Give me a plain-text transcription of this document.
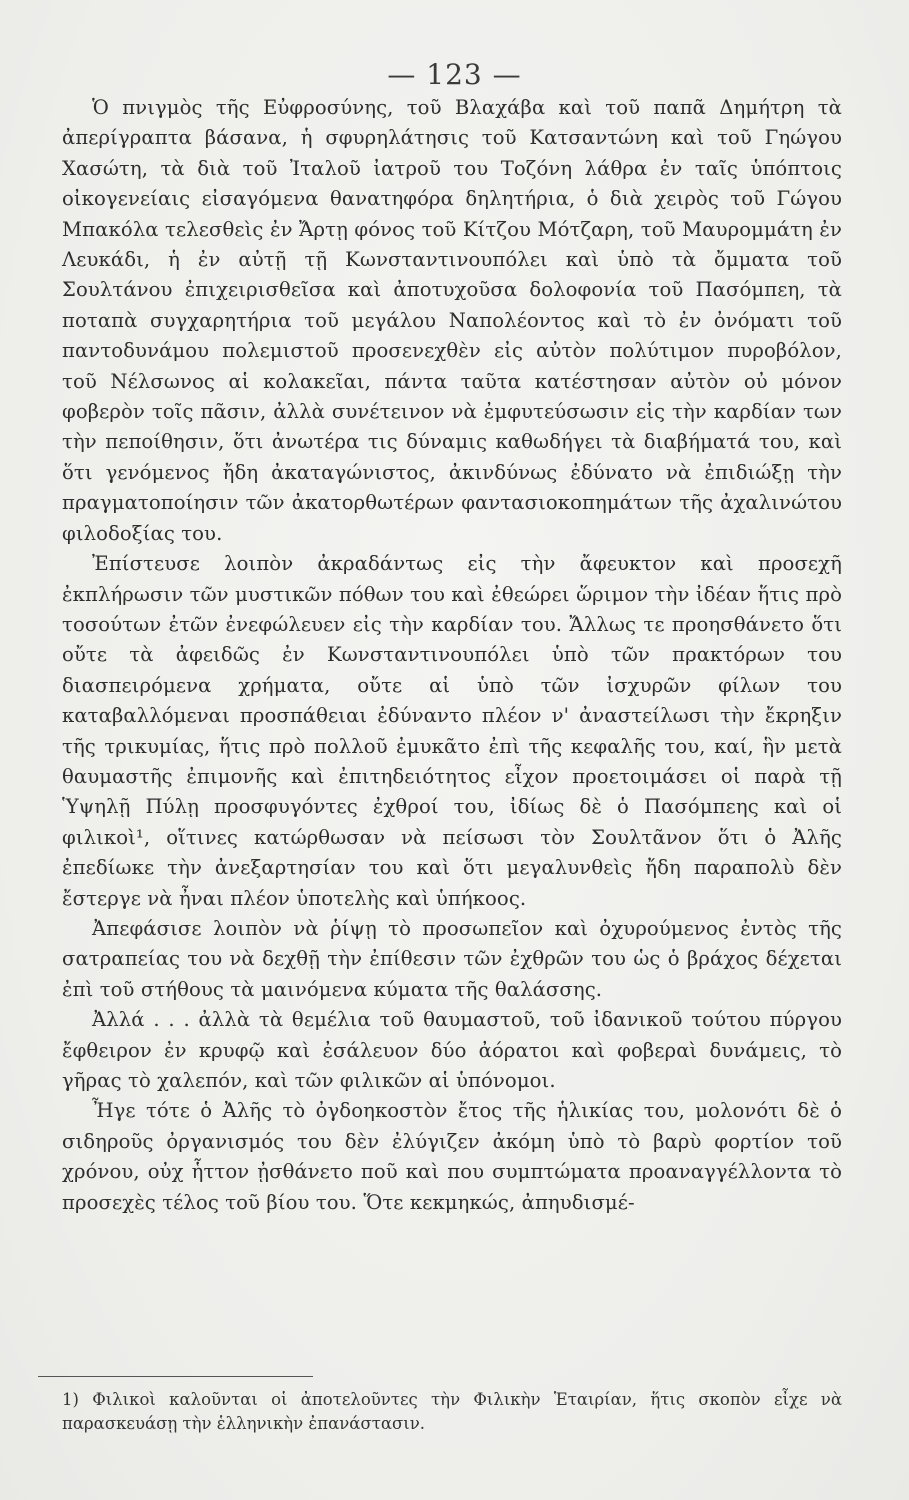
— 123 —

Ὁ πνιγμὸς τῆς Εὐφροσύνης, τοῦ Βλαχάβα καὶ τοῦ παπᾶ Δημήτρη τὰ ἀπερίγραπτα βάσανα, ἡ σφυρηλάτησις τοῦ Κατσαντώνη καὶ τοῦ Γηώγου Χασώτη, τὰ διὰ τοῦ Ἰταλοῦ ἰατροῦ του Τοζόνη λάθρα ἐν ταῖς ὑπόπτοις οἰκογενείαις εἰσαγόμενα θανατηφόρα δηλητήρια, ὁ διὰ χειρὸς τοῦ Γώγου Μπακόλα τελεσθεὶς ἐν Ἄρτῃ φόνος τοῦ Κίτζου Μότζαρη, τοῦ Μαυρομμάτη ἐν Λευκάδι, ἡ ἐν αὐτῇ τῇ Κωνσταντινουπόλει καὶ ὑπὸ τὰ ὄμματα τοῦ Σουλτάνου ἐπιχειρισθεῖσα καὶ ἀποτυχοῦσα δολοφονία τοῦ Πασόμπεη, τὰ ποταπὰ συγχαρητήρια τοῦ μεγάλου Ναπολέοντος καὶ τὸ ἐν ὀνόματι τοῦ παντοδυνάμου πολεμιστοῦ προσενεχθὲν εἰς αὐτὸν πολύτιμον πυροβόλον, τοῦ Νέλσωνος αἱ κολακεῖαι, πάντα ταῦτα κατέστησαν αὐτὸν οὐ μόνον φοβερὸν τοῖς πᾶσιν, ἀλλὰ συνέτεινον νὰ ἐμφυτεύσωσιν εἰς τὴν καρδίαν των τὴν πεποίθησιν, ὅτι ἀνωτέρα τις δύναμις καθωδήγει τὰ διαβήματά του, καὶ ὅτι γενόμενος ἤδη ἀκαταγώνιστος, ἀκινδύνως ἐδύνατο νὰ ἐπιδιώξῃ τὴν πραγματοποίησιν τῶν ἀκατορθωτέρων φαντασιοκοπημάτων τῆς ἀχαλινώτου φιλοδοξίας του.

Ἐπίστευσε λοιπὸν ἀκραδάντως εἰς τὴν ἄφευκτον καὶ προσεχῆ ἐκπλήρωσιν τῶν μυστικῶν πόθων του καὶ ἐθεώρει ὥριμον τὴν ἰδέαν ἥτις πρὸ τοσούτων ἐτῶν ἐνεφώλευεν εἰς τὴν καρδίαν του. Ἄλλως τε προησθάνετο ὅτι οὔτε τὰ ἀφειδῶς ἐν Κωνσταντινουπόλει ὑπὸ τῶν πρακτόρων του διασπειρόμενα χρήματα, οὔτε αἱ ὑπὸ τῶν ἰσχυρῶν φίλων του καταβαλλόμεναι προσπάθειαι ἐδύναντο πλέον ν' ἀναστείλωσι τὴν ἔκρηξιν τῆς τρικυμίας, ἥτις πρὸ πολλοῦ ἐμυκᾶτο ἐπὶ τῆς κεφαλῆς του, καί, ἣν μετὰ θαυμαστῆς ἐπιμονῆς καὶ ἐπιτηδειότητος εἶχον προετοιμάσει οἱ παρὰ τῇ Ὑψηλῇ Πύλῃ προσφυγόντες ἐχθροί του, ἰδίως δὲ ὁ Πασόμπεης καὶ οἱ φιλικοὶ¹, οἵτινες κατώρθωσαν νὰ πείσωσι τὸν Σουλτᾶνον ὅτι ὁ Ἀλῆς ἐπεδίωκε τὴν ἀνεξαρτησίαν του καὶ ὅτι μεγαλυνθεὶς ἤδη παραπολὺ δὲν ἔστεργε νὰ ἦναι πλέον ὑποτελὴς καὶ ὑπήκοος.

Ἀπεφάσισε λοιπὸν νὰ ῥίψῃ τὸ προσωπεῖον καὶ ὀχυρούμενος ἐντὸς τῆς σατραπείας του νὰ δεχθῇ τὴν ἐπίθεσιν τῶν ἐχθρῶν του ὡς ὁ βράχος δέχεται ἐπὶ τοῦ στήθους τὰ μαινόμενα κύματα τῆς θαλάσσης.

Ἀλλά . . . ἀλλὰ τὰ θεμέλια τοῦ θαυμαστοῦ, τοῦ ἰδανικοῦ τούτου πύργου ἔφθειρον ἐν κρυφῷ καὶ ἐσάλευον δύο ἀόρατοι καὶ φοβεραὶ δυνάμεις, τὸ γῆρας τὸ χαλεπόν, καὶ τῶν φιλικῶν αἱ ὑπόνομοι.

Ἦγε τότε ὁ Ἀλῆς τὸ ὀγδοηκοστὸν ἔτος τῆς ἡλικίας του, μολονότι δὲ ὁ σιδηροῦς ὀργανισμός του δὲν ἐλύγιζεν ἀκόμη ὑπὸ τὸ βαρὺ φορτίον τοῦ χρόνου, οὐχ ἧττον ᾐσθάνετο ποῦ καὶ που συμπτώματα προαναγγέλλοντα τὸ προσεχὲς τέλος τοῦ βίου του. Ὅτε κεκμηκώς, ἀπηυδισμέ-

1) Φιλικοὶ καλοῦνται οἱ ἀποτελοῦντες τὴν Φιλικὴν Ἑταιρίαν, ἥτις σκοπὸν εἶχε νὰ παρασκευάσῃ τὴν ἑλληνικὴν ἐπανάστασιν.
